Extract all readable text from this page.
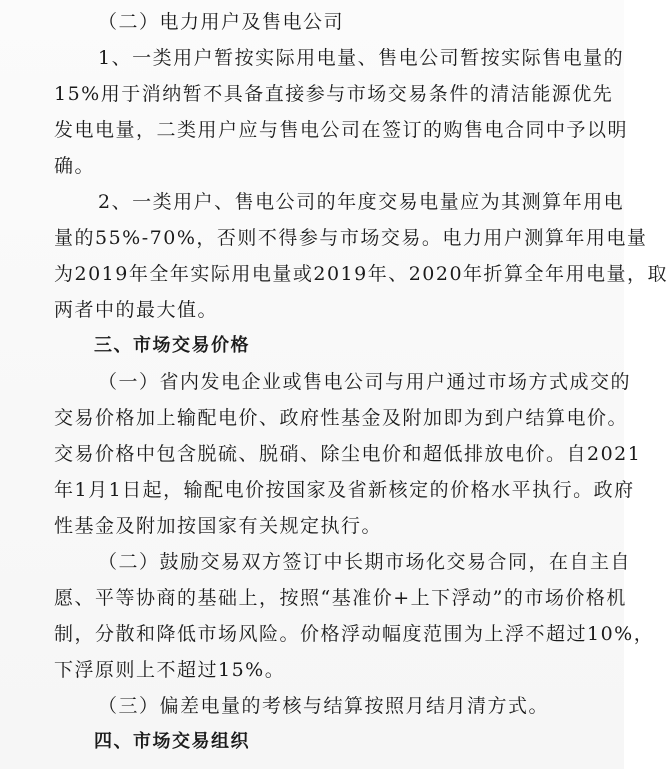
（二）电力用户及售电公司

1、一类用户暂按实际用电量、售电公司暂按实际售电量的

15%用于消纳暂不具备直接参与市场交易条件的清洁能源优先

发电电量，二类用户应与售电公司在签订的购售电合同中予以明

确。

2、一类用户、售电公司的年度交易电量应为其测算年用电

量的55%-70%，否则不得参与市场交易。电力用户测算年用电量

为2019年全年实际用电量或2019年、2020年折算全年用电量，取

两者中的最大值。

三、市场交易价格

（一）省内发电企业或售电公司与用户通过市场方式成交的

交易价格加上输配电价、政府性基金及附加即为到户结算电价。

交易价格中包含脱硫、脱硝、除尘电价和超低排放电价。自2021

年1月1日起，输配电价按国家及省新核定的价格水平执行。政府

性基金及附加按国家有关规定执行。

（二）鼓励交易双方签订中长期市场化交易合同，在自主自

愿、平等协商的基础上，按照“基准价+上下浮动”的市场价格机

制，分散和降低市场风险。价格浮动幅度范围为上浮不超过10%，

下浮原则上不超过15%。

（三）偏差电量的考核与结算按照月结月清方式。

四、市场交易组织
